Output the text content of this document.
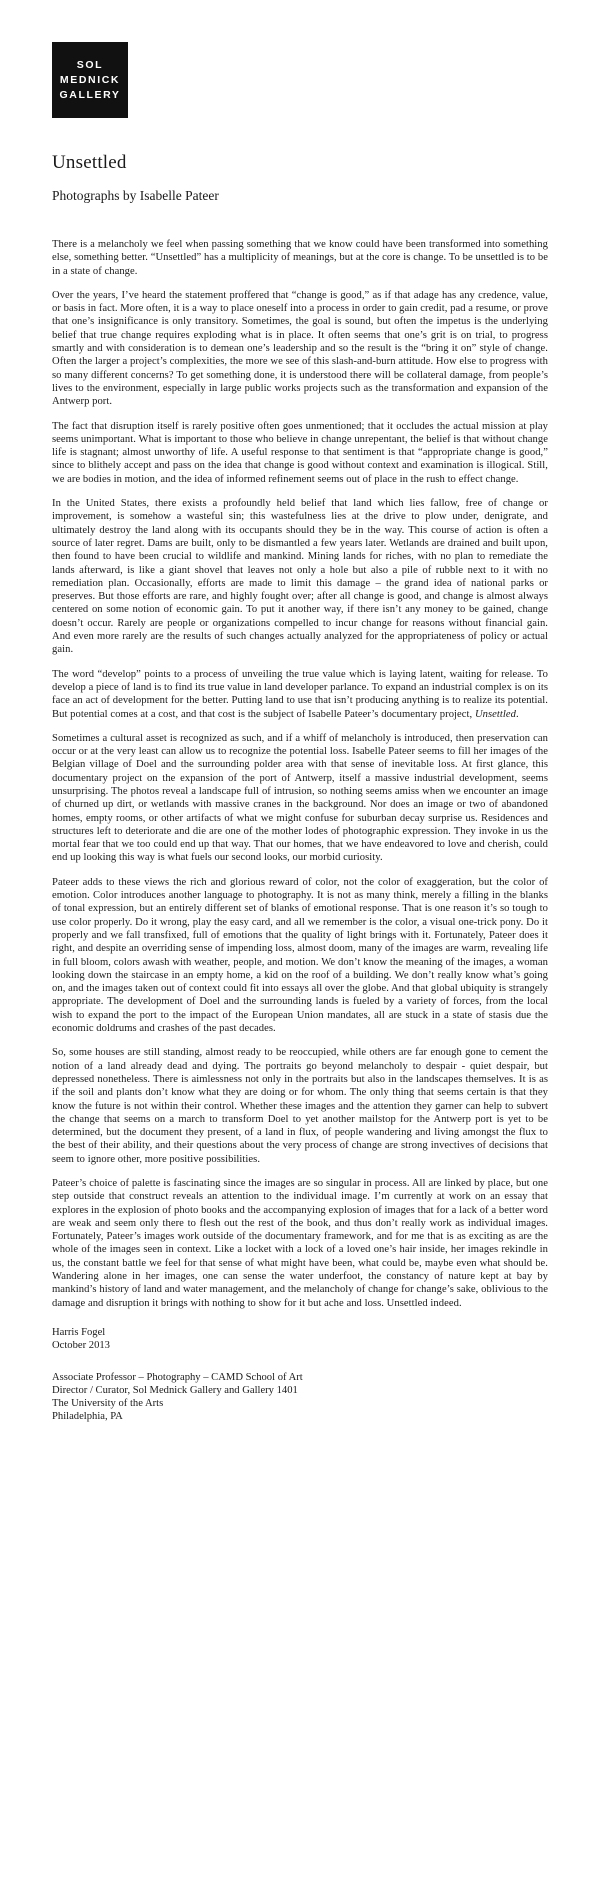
SOL
MEDNICK
GALLERY
Unsettled
Photographs by Isabelle Pateer

There is a melancholy we feel when passing something that we know could have been transformed into something else, something better. “Unsettled” has a multiplicity of meanings, but at the core is change. To be unsettled is to be in a state of change.

Over the years, I’ve heard the statement proffered that “change is good,” as if that adage has any credence, value, or basis in fact. More often, it is a way to place oneself into a process in order to gain credit, pad a resume, or prove that one’s insignificance is only transitory. Sometimes, the goal is sound, but often the impetus is the underlying belief that true change requires exploding what is in place. It often seems that one’s grit is on trial, to progress smartly and with consideration is to demean one’s leadership and so the result is the “bring it on” style of change. Often the larger a project’s complexities, the more we see of this slash-and-burn attitude. How else to progress with so many different concerns? To get something done, it is understood there will be collateral damage, from people’s lives to the environment, especially in large public works projects such as the transformation and expansion of the Antwerp port.

The fact that disruption itself is rarely positive often goes unmentioned; that it occludes the actual mission at play seems unimportant. What is important to those who believe in change unrepentant, the belief is that without change life is stagnant; almost unworthy of life. A useful response to that sentiment is that “appropriate change is good,” since to blithely accept and pass on the idea that change is good without context and examination is illogical. Still, we are bodies in motion, and the idea of informed refinement seems out of place in the rush to effect change.

In the United States, there exists a profoundly held belief that land which lies fallow, free of change or improvement, is somehow a wasteful sin; this wastefulness lies at the drive to plow under, denigrate, and ultimately destroy the land along with its occupants should they be in the way. This course of action is often a source of later regret. Dams are built, only to be dismantled a few years later. Wetlands are drained and built upon, then found to have been crucial to wildlife and mankind. Mining lands for riches, with no plan to remediate the lands afterward, is like a giant shovel that leaves not only a hole but also a pile of rubble next to it with no remediation plan. Occasionally, efforts are made to limit this damage – the grand idea of national parks or preserves. But those efforts are rare, and highly fought over; after all change is good, and change is almost always centered on some notion of economic gain. To put it another way, if there isn’t any money to be gained, change doesn’t occur. Rarely are people or organizations compelled to incur change for reasons without financial gain. And even more rarely are the results of such changes actually analyzed for the appropriateness of policy or actual gain.

The word “develop” points to a process of unveiling the true value which is laying latent, waiting for release. To develop a piece of land is to find its true value in land developer parlance. To expand an industrial complex is on its face an act of development for the better. Putting land to use that isn’t producing anything is to realize its potential. But potential comes at a cost, and that cost is the subject of Isabelle Pateer’s documentary project, Unsettled.

Sometimes a cultural asset is recognized as such, and if a whiff of melancholy is introduced, then preservation can occur or at the very least can allow us to recognize the potential loss. Isabelle Pateer seems to fill her images of the Belgian village of Doel and the surrounding polder area with that sense of inevitable loss. At first glance, this documentary project on the expansion of the port of Antwerp, itself a massive industrial development, seems unsurprising. The photos reveal a landscape full of intrusion, so nothing seems amiss when we encounter an image of churned up dirt, or wetlands with massive cranes in the background. Nor does an image or two of abandoned homes, empty rooms, or other artifacts of what we might confuse for suburban decay surprise us. Residences and structures left to deteriorate and die are one of the mother lodes of photographic expression. They invoke in us the mortal fear that we too could end up that way. That our homes, that we have endeavored to love and cherish, could end up looking this way is what fuels our second looks, our morbid curiosity.

Pateer adds to these views the rich and glorious reward of color, not the color of exaggeration, but the color of emotion. Color introduces another language to photography. It is not as many think, merely a filling in the blanks of tonal expression, but an entirely different set of blanks of emotional response. That is one reason it’s so tough to use color properly. Do it wrong, play the easy card, and all we remember is the color, a visual one-trick pony. Do it properly and we fall transfixed, full of emotions that the quality of light brings with it. Fortunately, Pateer does it right, and despite an overriding sense of impending loss, almost doom, many of the images are warm, revealing life in full bloom, colors awash with weather, people, and motion. We don’t know the meaning of the images, a woman looking down the staircase in an empty home, a kid on the roof of a building. We don’t really know what’s going on, and the images taken out of context could fit into essays all over the globe. And that global ubiquity is strangely appropriate. The development of Doel and the surrounding lands is fueled by a variety of forces, from the local wish to expand the port to the impact of the European Union mandates, all are stuck in a state of stasis due the economic doldrums and crashes of the past decades.

So, some houses are still standing, almost ready to be reoccupied, while others are far enough gone to cement the notion of a land already dead and dying. The portraits go beyond melancholy to despair - quiet despair, but depressed nonetheless. There is aimlessness not only in the portraits but also in the landscapes themselves. It is as if the soil and plants don’t know what they are doing or for whom. The only thing that seems certain is that they know the future is not within their control. Whether these images and the attention they garner can help to subvert the change that seems on a march to transform Doel to yet another mailstop for the Antwerp port is yet to be determined, but the document they present, of a land in flux, of people wandering and living amongst the flux to the best of their ability, and their questions about the very process of change are strong invectives of decisions that seem to ignore other, more positive possibilities.

Pateer’s choice of palette is fascinating since the images are so singular in process. All are linked by place, but one step outside that construct reveals an attention to the individual image. I’m currently at work on an essay that explores in the explosion of photo books and the accompanying explosion of images that for a lack of a better word are weak and seem only there to flesh out the rest of the book, and thus don’t really work as individual images. Fortunately, Pateer’s images work outside of the documentary framework, and for me that is as exciting as are the whole of the images seen in context. Like a locket with a lock of a loved one’s hair inside, her images rekindle in us, the constant battle we feel for that sense of what might have been, what could be, maybe even what should be. Wandering alone in her images, one can sense the water underfoot, the constancy of nature kept at bay by mankind’s history of land and water management, and the melancholy of change for change’s sake, oblivious to the damage and disruption it brings with nothing to show for it but ache and loss. Unsettled indeed.

Harris Fogel

October 2013

Associate Professor – Photography – CAMD School of Art

Director / Curator, Sol Mednick Gallery and Gallery 1401

The University of the Arts

Philadelphia, PA
